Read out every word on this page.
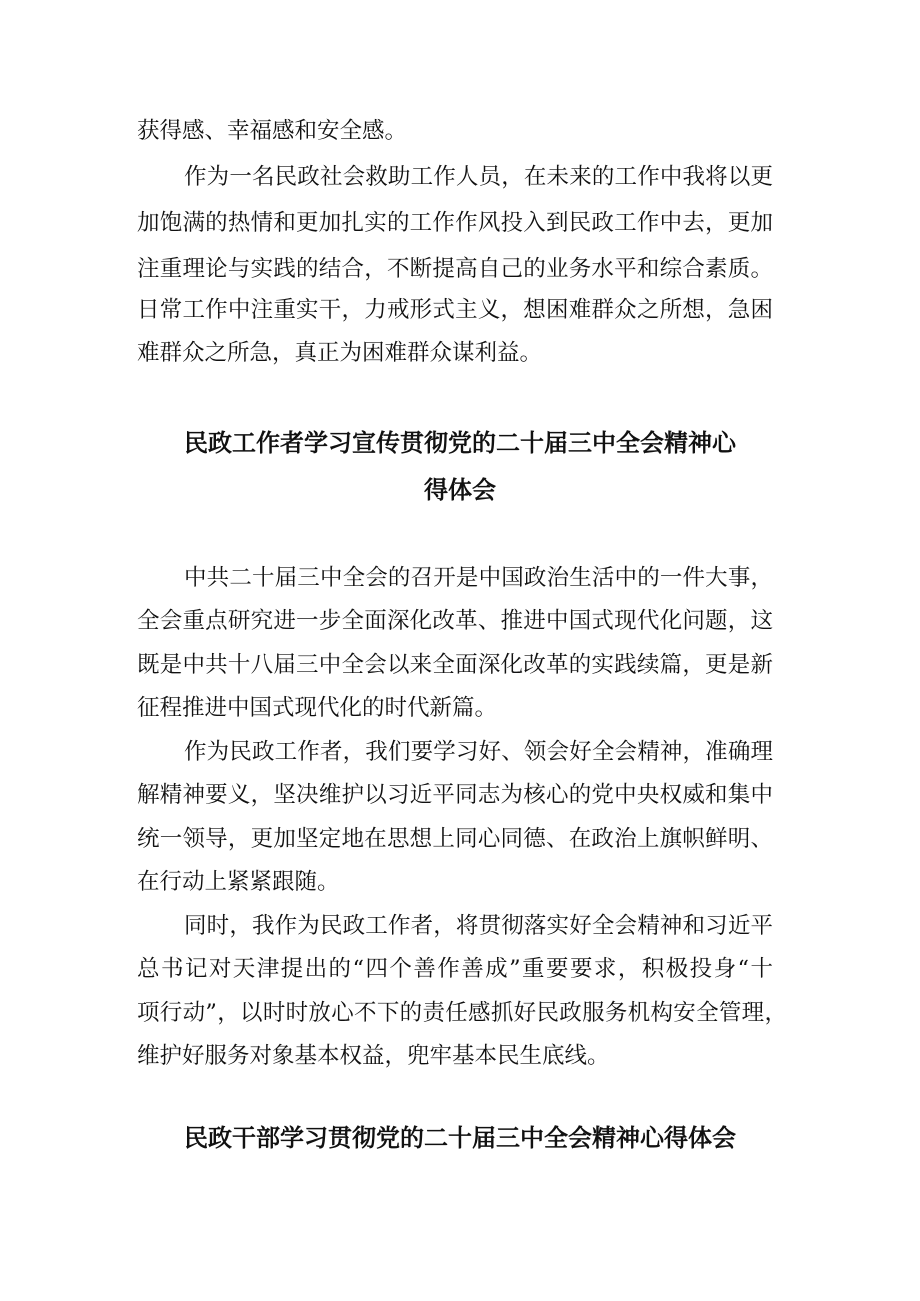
获得感、幸福感和安全感。

作为一名民政社会救助工作人员，在未来的工作中我将以更

加饱满的热情和更加扎实的工作作风投入到民政工作中去，更加

注重理论与实践的结合，不断提高自己的业务水平和综合素质。

日常工作中注重实干，力戒形式主义，想困难群众之所想，急困

难群众之所急，真正为困难群众谋利益。

民政工作者学习宣传贯彻党的二十届三中全会精神心
得体会

中共二十届三中全会的召开是中国政治生活中的一件大事，

全会重点研究进一步全面深化改革、推进中国式现代化问题，这

既是中共十八届三中全会以来全面深化改革的实践续篇，更是新

征程推进中国式现代化的时代新篇。

作为民政工作者，我们要学习好、领会好全会精神，准确理

解精神要义，坚决维护以习近平同志为核心的党中央权威和集中

统一领导，更加坚定地在思想上同心同德、在政治上旗帜鲜明、

在行动上紧紧跟随。

同时，我作为民政工作者，将贯彻落实好全会精神和习近平

总书记对天津提出的“四个善作善成”重要要求，积极投身“十

项行动”，以时时放心不下的责任感抓好民政服务机构安全管理，

维护好服务对象基本权益，兜牢基本民生底线。

民政干部学习贯彻党的二十届三中全会精神心得体会
